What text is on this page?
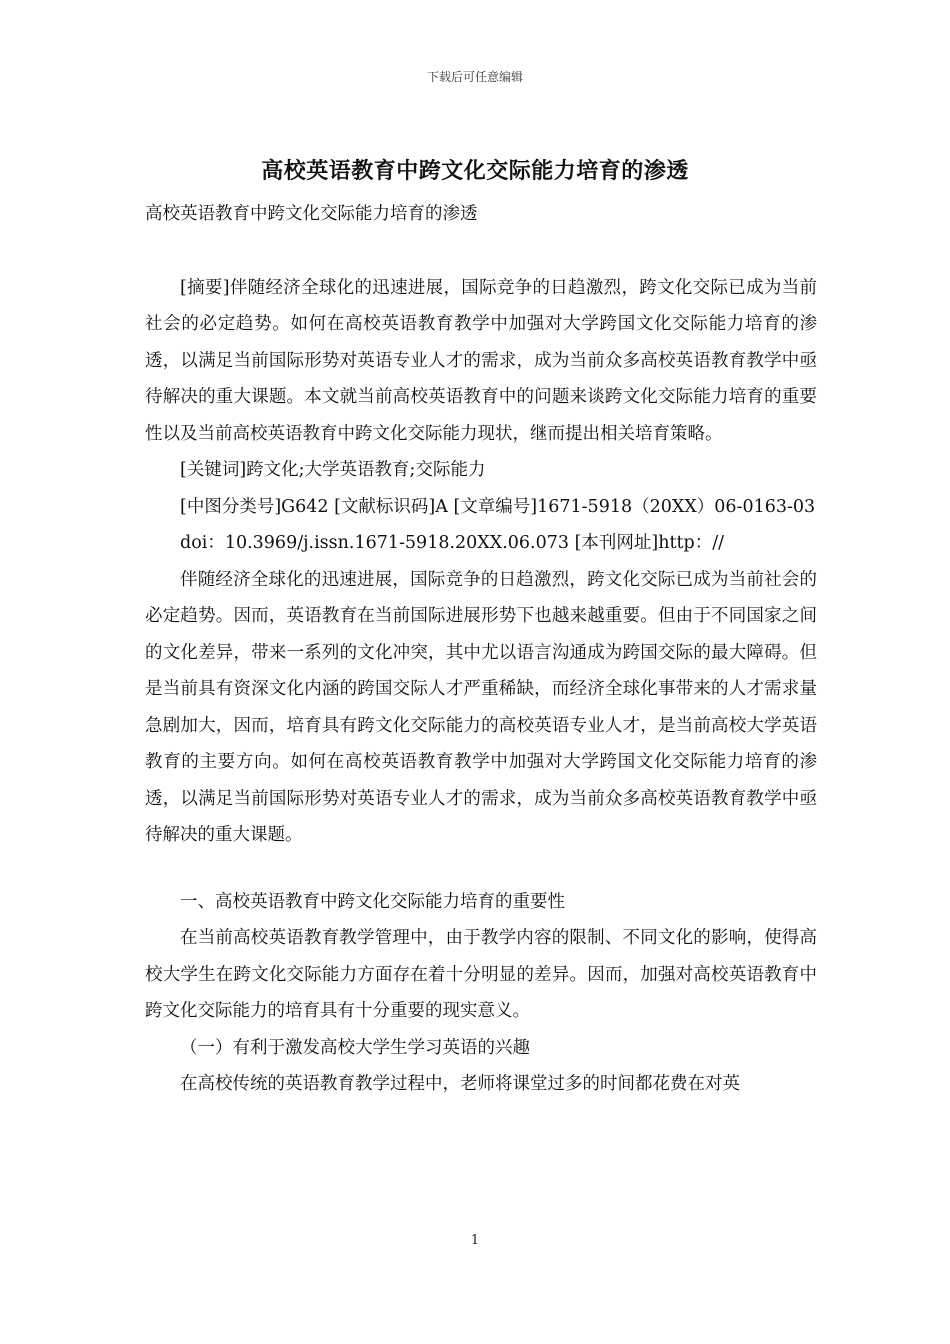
下载后可任意编辑
高校英语教育中跨文化交际能力培育的渗透

高校英语教育中跨文化交际能力培育的渗透

[摘要]伴随经济全球化的迅速进展，国际竞争的日趋激烈，跨文化交际已成为当前社会的必定趋势。如何在高校英语教育教学中加强对大学跨国文化交际能力培育的渗透，以满足当前国际形势对英语专业人才的需求，成为当前众多高校英语教育教学中亟待解决的重大课题。本文就当前高校英语教育中的问题来谈跨文化交际能力培育的重要性以及当前高校英语教育中跨文化交际能力现状，继而提出相关培育策略。

[关键词]跨文化;大学英语教育;交际能力

[中图分类号]G642 [文献标识码]A [文章编号]1671-5918（20XX）06-0163-03

doi：10.3969/j.issn.1671-5918.20XX.06.073 [本刊网址]http：//

伴随经济全球化的迅速进展，国际竞争的日趋激烈，跨文化交际已成为当前社会的必定趋势。因而，英语教育在当前国际进展形势下也越来越重要。但由于不同国家之间的文化差异，带来一系列的文化冲突，其中尤以语言沟通成为跨国交际的最大障碍。但是当前具有资深文化内涵的跨国交际人才严重稀缺，而经济全球化事带来的人才需求量急剧加大，因而，培育具有跨文化交际能力的高校英语专业人才，是当前高校大学英语教育的主要方向。如何在高校英语教育教学中加强对大学跨国文化交际能力培育的渗透，以满足当前国际形势对英语专业人才的需求，成为当前众多高校英语教育教学中亟待解决的重大课题。

一、高校英语教育中跨文化交际能力培育的重要性

在当前高校英语教育教学管理中，由于教学内容的限制、不同文化的影响，使得高校大学生在跨文化交际能力方面存在着十分明显的差异。因而，加强对高校英语教育中跨文化交际能力的培育具有十分重要的现实意义。

（一）有利于激发高校大学生学习英语的兴趣

在高校传统的英语教育教学过程中，老师将课堂过多的时间都花费在对英

1
